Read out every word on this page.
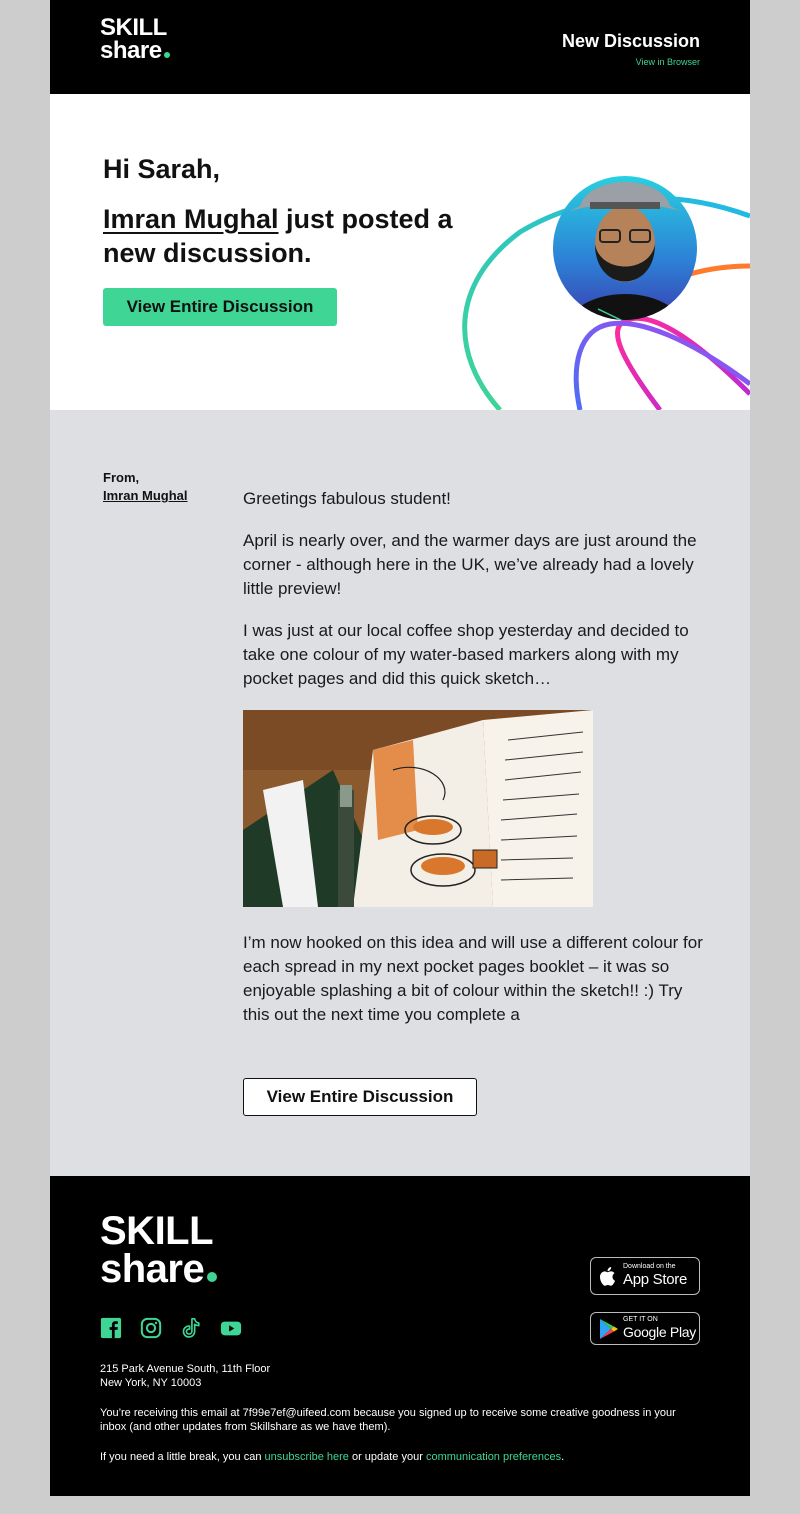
SKILL
share	New Discussion
View in Browser
Hi Sarah,

Imran Mughal just posted a new discussion.

View Entire Discussion
From,
Imran Mughal	Greetings fabulous student!

April is nearly over, and the warmer days are just around the corner - although here in the UK, we’ve already had a lovely little preview!

I was just at our local coffee shop yesterday and decided to take one colour of my water-based markers along with my pocket pages and did this quick sketch…

I’m now hooked on this idea and will use a different colour for each spread in my next pocket pages booklet – it was so enjoyable splashing a bit of colour within the sketch!! :) Try this out the next time you complete a

View Entire Discussion
SKILL
share	Download on the
App Store
GET IT ON
Google Play
215 Park Avenue South, 11th Floor
New York, NY 10003

You’re receiving this email at 7f99e7ef@uifeed.com because you signed up to receive some creative goodness in your inbox (and other updates from Skillshare as we have them).

If you need a little break, you can unsubscribe here or update your communication preferences.
